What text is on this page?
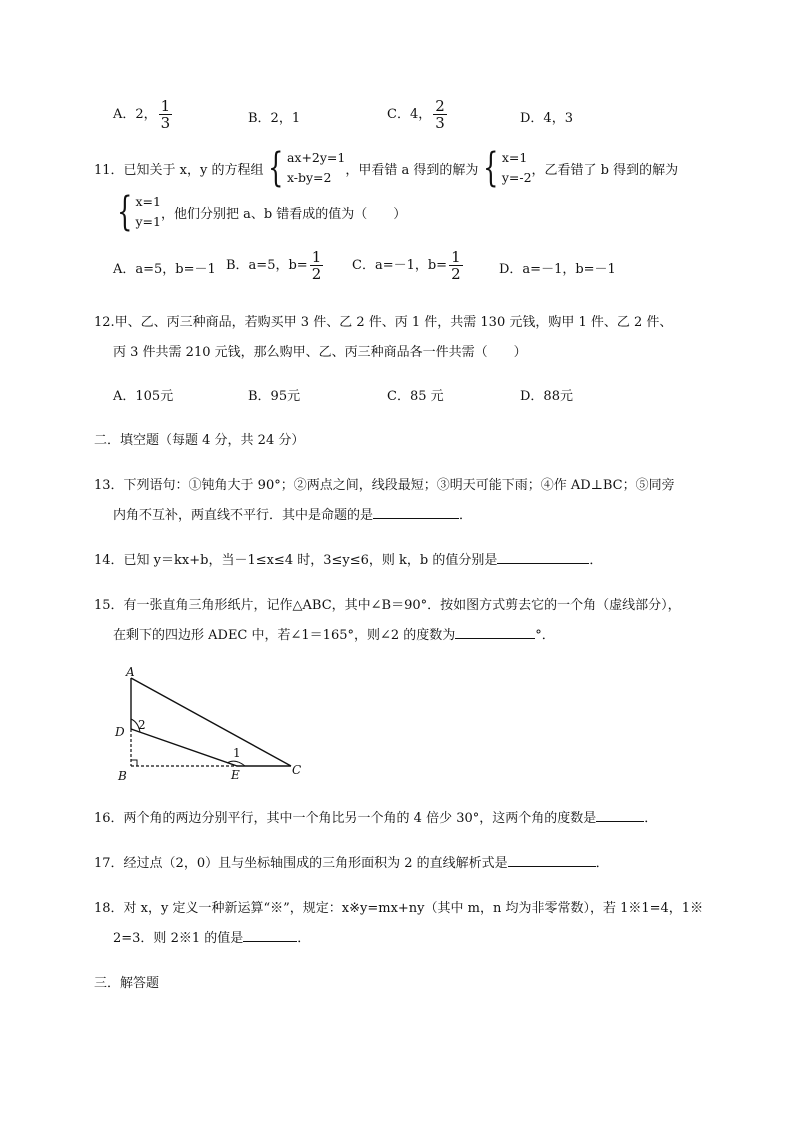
A．2， $\frac{1}{3}$	B．2，1	C．4， $\frac{2}{3}$	D．4，3
11．已知关于 x，y 的方程组 { ax+2y=1
x-by=2	，甲看错 a 得到的解为 { x=1
y=-2 ，乙看错了 b 得到的解为
{ x=1
y=1 ，他们分别把 a、b 错看成的值为（　　）
A．a=5，b=－1 B．a=5，$b= \frac{1}{2}$ C．a=－1，$b= \frac{1}{2}$	D．a=－1，b=－1
12.甲、乙、丙三种商品，若购买甲 3 件、乙 2 件、丙 1 件，共需 130 元钱，购甲 1 件、乙 2 件、
丙 3 件共需 210 元钱，那么购甲、乙、丙三种商品各一件共需（　　）
A．105元	B．95元	C．85 元	D．88元
二．填空题（每题 4 分，共 24 分）
13．下列语句：①钝角大于 90°；②两点之间，线段最短；③明天可能下雨；④作 AD⊥BC；⑤同旁
内角不互补，两直线不平行．其中是命题的是	．
14．已知 y＝kx+b，当－1≤x≤4 时，3≤y≤6，则 k，b 的值分别是	．
15．有一张直角三角形纸片，记作△ABC，其中∠B＝90°．按如图方式剪去它的一个角（虚线部分），
在剩下的四边形 ADEC 中，若∠1＝165°，则∠2 的度数为	°．
A
B	C
D
E
2
1
16．两个角的两边分别平行，其中一个角比另一个角的 4 倍少 30°，这两个角的度数是	．
17．经过点（2，0）且与坐标轴围成的三角形面积为 2 的直线解析式是	．
18．对 x，y 定义一种新运算“※”，规定：x※y=mx+ny（其中 m，n 均为非零常数），若 1※1=4，1※
2=3．则 2※1 的值是	．
三．解答题
